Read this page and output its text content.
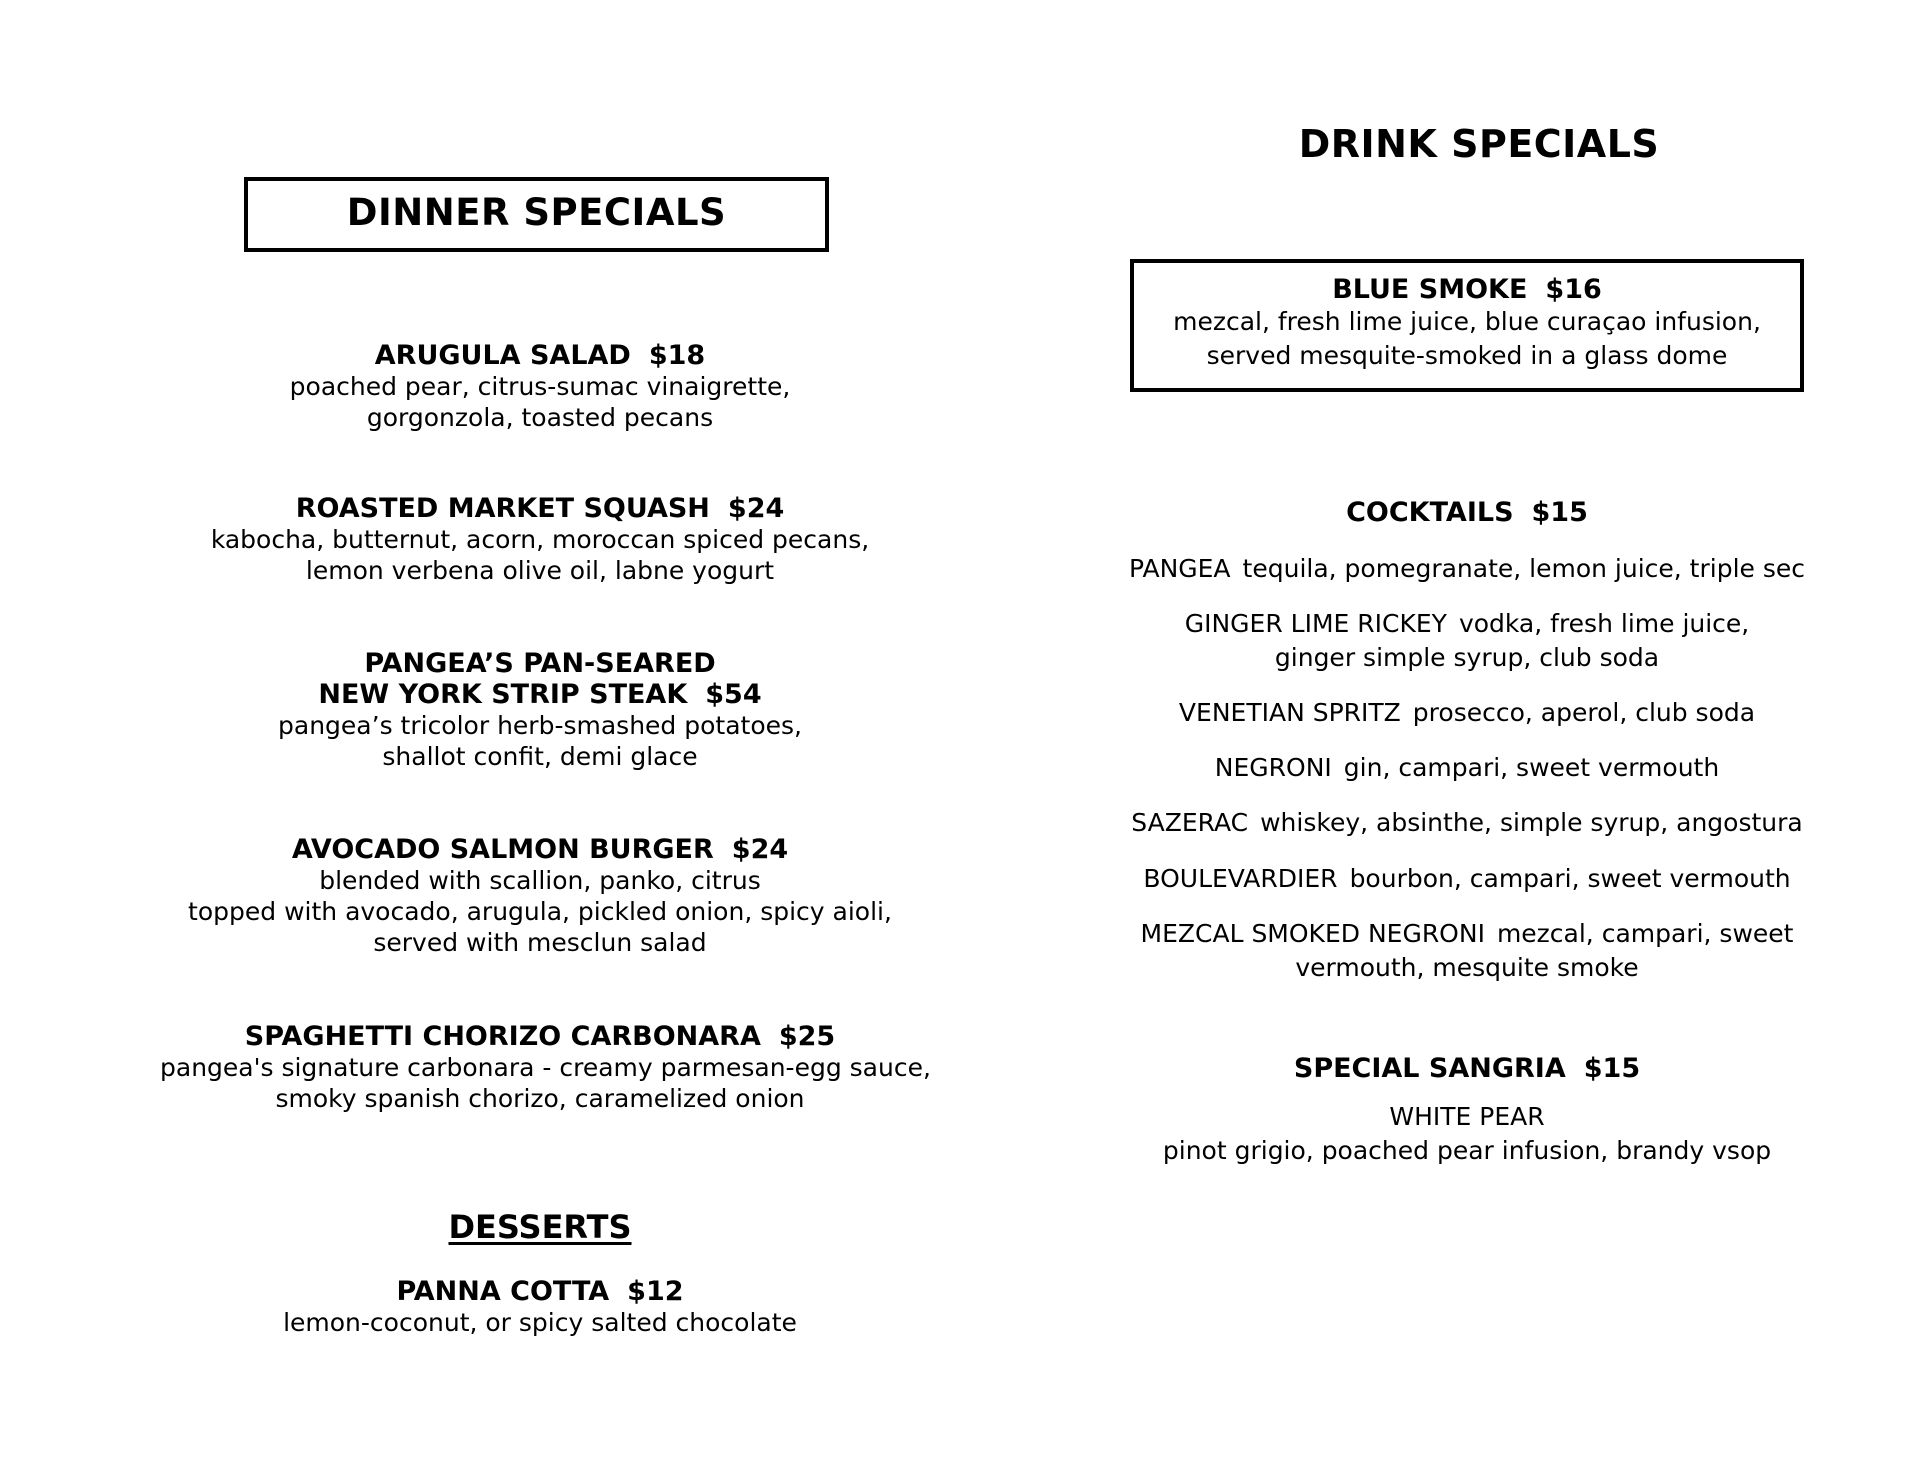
DINNER SPECIALS
ARUGULA SALAD $18
poached pear, citrus-sumac vinaigrette,
gorgonzola, toasted pecans
ROASTED MARKET SQUASH $24
kabocha, butternut, acorn, moroccan spiced pecans,
lemon verbena olive oil, labne yogurt
PANGEA’S PAN-SEARED
NEW YORK STRIP STEAK $54
pangea’s tricolor herb-smashed potatoes,
shallot confit, demi glace
AVOCADO SALMON BURGER $24
blended with scallion, panko, citrus
topped with avocado, arugula, pickled onion, spicy aioli,
served with mesclun salad
SPAGHETTI CHORIZO CARBONARA $25
pangea's signature carbonara - creamy parmesan-egg sauce,
smoky spanish chorizo, caramelized onion
DESSERTS
PANNA COTTA $12
lemon-coconut, or spicy salted chocolate
DRINK SPECIALS
BLUE SMOKE $16
mezcal, fresh lime juice, blue curaçao infusion,
served mesquite-smoked in a glass dome
COCKTAILS $15
PANGEA tequila, pomegranate, lemon juice, triple sec
GINGER LIME RICKEY vodka, fresh lime juice,
ginger simple syrup, club soda
VENETIAN SPRITZ prosecco, aperol, club soda
NEGRONI gin, campari, sweet vermouth
SAZERAC whiskey, absinthe, simple syrup, angostura
BOULEVARDIER bourbon, campari, sweet vermouth
MEZCAL SMOKED NEGRONI mezcal, campari, sweet
vermouth, mesquite smoke
SPECIAL SANGRIA $15
WHITE PEAR
pinot grigio, poached pear infusion, brandy vsop
